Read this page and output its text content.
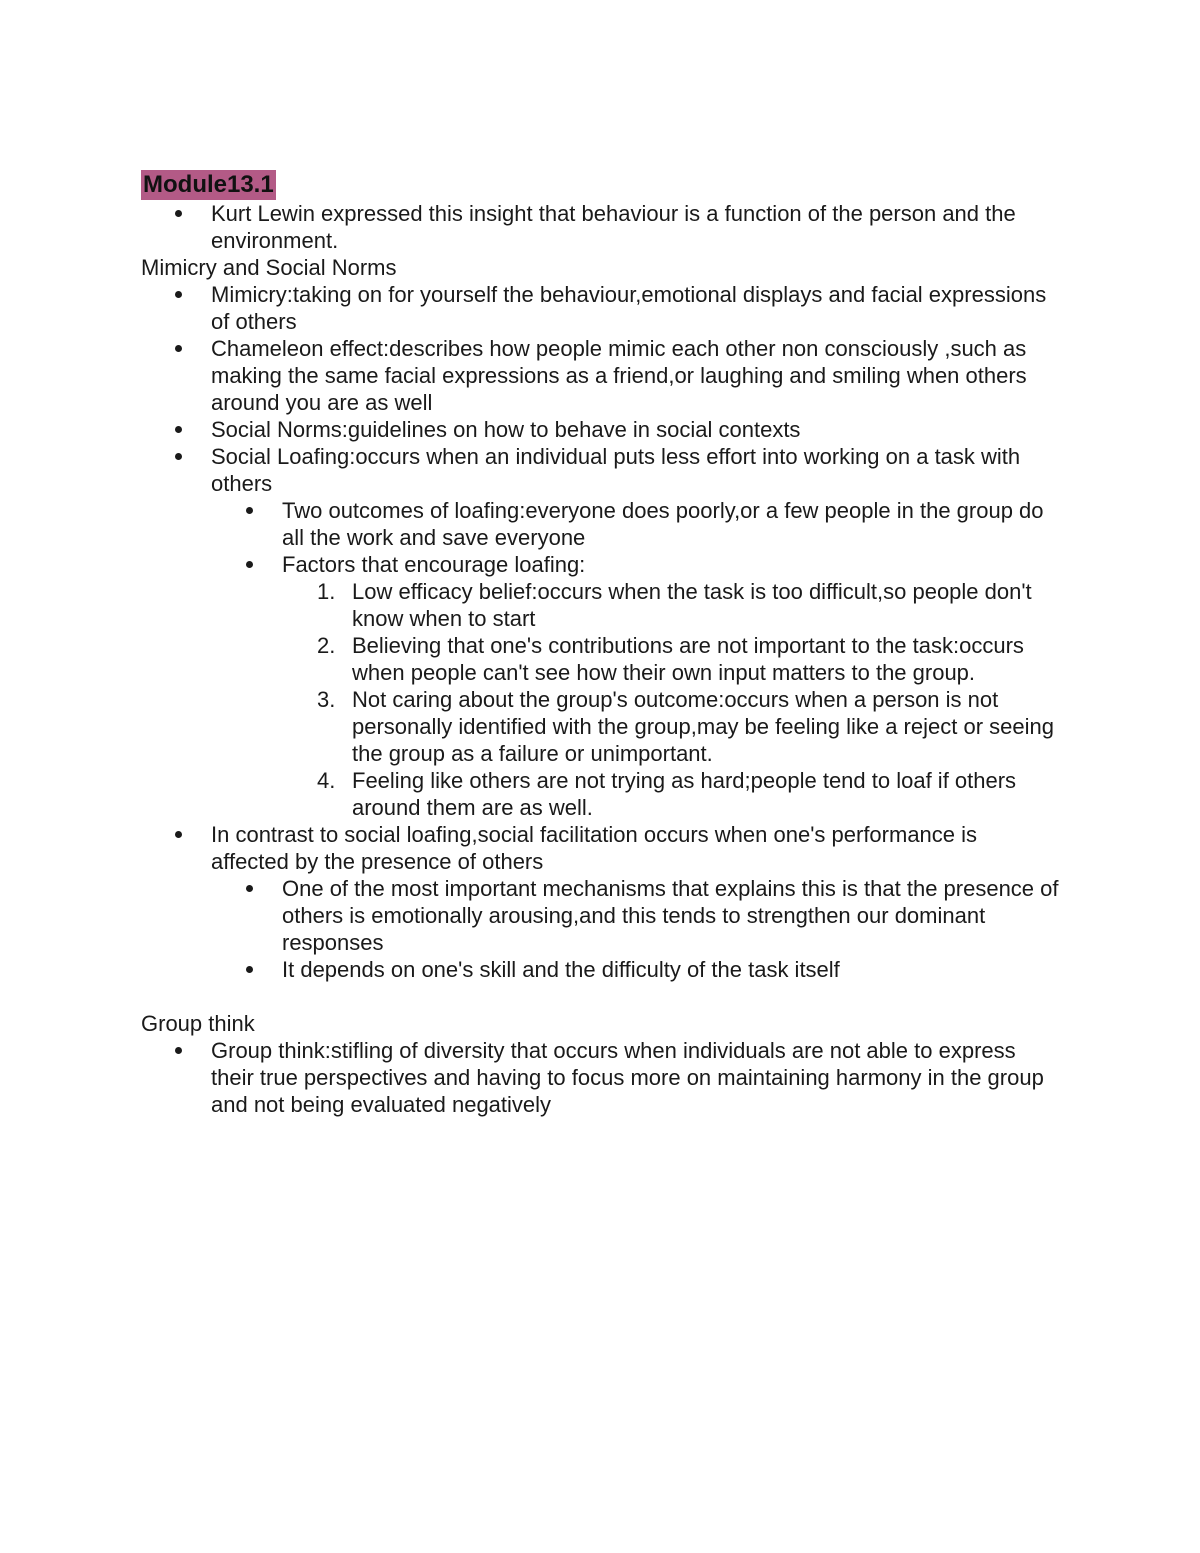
Module13.1
Kurt Lewin expressed this insight that behaviour is a function of the person and the environment.

Mimicry and Social Norms

Mimicry:taking on for yourself the behaviour,emotional displays and facial expressions of others
Chameleon effect:describes how people mimic each other non consciously ,such as making the same facial expressions as a friend,or laughing and smiling when others around you are as well
Social Norms:guidelines on how to behave in social contexts
Social Loafing:occurs when an individual puts less effort into working on a task with others
Two outcomes of loafing:everyone does poorly,or a few people in the group do all the work and save everyone
Factors that encourage loafing:
1. Low efficacy belief:occurs when the task is too difficult,so people don't know when to start
2. Believing that one's contributions are not important to the task:occurs when people can't see how their own input matters to the group.
3. Not caring about the group's outcome:occurs when a person is not personally identified with the group,may be feeling like a reject or seeing the group as a failure or unimportant.
4. Feeling like others are not trying as hard;people tend to loaf if others around them are as well.
In contrast to social loafing,social facilitation occurs when one's performance is affected by the presence of others
One of the most important mechanisms that explains this is that the presence of others is emotionally arousing,and this tends to strengthen our dominant responses
It depends on one's skill and the difficulty of the task itself

Group think

Group think:stifling of diversity that occurs when individuals are not able to express their true perspectives and having to focus more on maintaining harmony in the group and not being evaluated negatively
